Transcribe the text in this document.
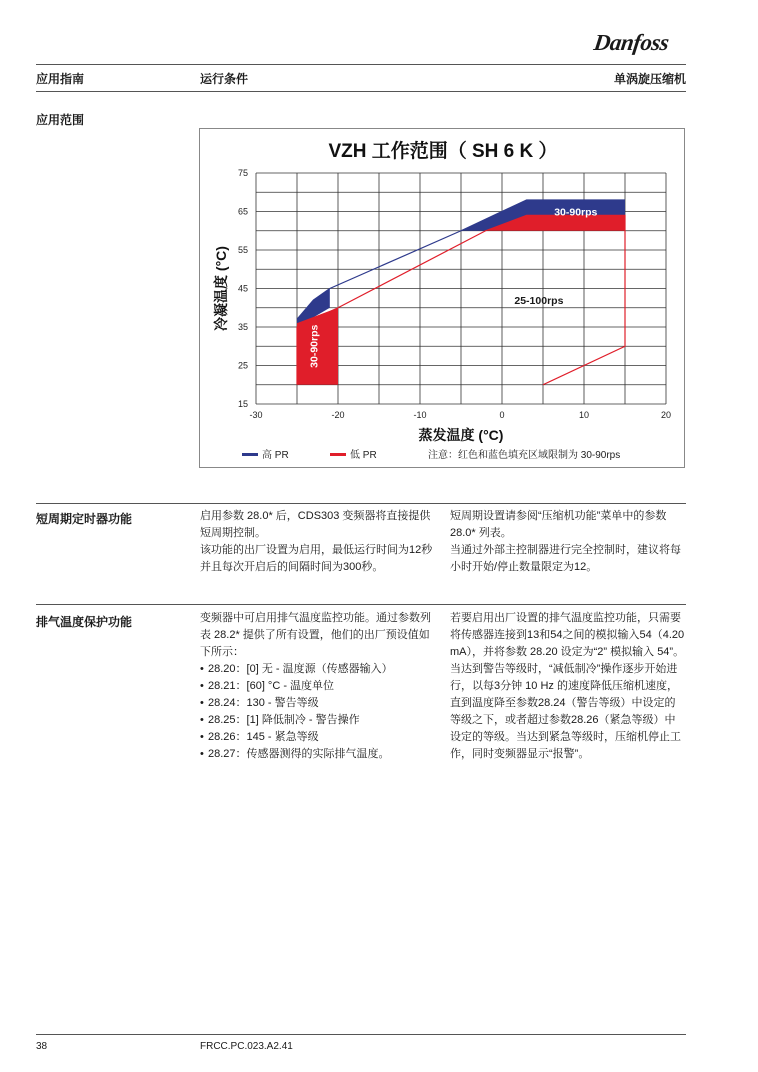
Danfoss
应用指南	运行条件	单涡旋压缩机
应用范围
VZH 工作范围（ SH 6 K ）
15
25
35
45
55
65
75
-30	-20	-10	0	10	20
蒸发温度 (°C)
冷凝温度 (°C)
30-90rps
25-100rps
30-90rps
高 PR	低 PR	注意：红色和蓝色填充区域限制为 30-90rps
短周期定时器功能	启用参数 28.0* 后，CDS303 变频器将直接提供短周期控制。

该功能的出厂设置为启用，最低运行时间为12秒并且每次开启后的间隔时间为300秒。

短周期设置请参阅“压缩机功能”菜单中的参数 28.0* 列表。

当通过外部主控制器进行完全控制时，建议将每小时开始/停止数量限定为12。

排气温度保护功能	变频器中可启用排气温度监控功能。通过参数列表 28.2* 提供了所有设置，他们的出厂预设值如下所示：

• 28.20：[0] 无 - 温度源（传感器输入）
• 28.21：[60] °C - 温度单位
• 28.24：130 - 警告等级
• 28.25：[1] 降低制冷 - 警告操作
• 28.26：145 - 紧急等级
• 28.27：传感器测得的实际排气温度。

若要启用出厂设置的排气温度监控功能，只需要将传感器连接到13和54之间的模拟输入54（4.20 mA），并将参数 28.20 设定为“2” 模拟输入 54”。当达到警告等级时，“减低制冷”操作逐步开始进行，以每3分钟 10 Hz 的速度降低压缩机速度，直到温度降至参数28.24（警告等级）中设定的等级之下，或者超过参数28.26（紧急等级）中设定的等级。当达到紧急等级时，压缩机停止工作，同时变频器显示“报警”。

38	FRCC.PC.023.A2.41
